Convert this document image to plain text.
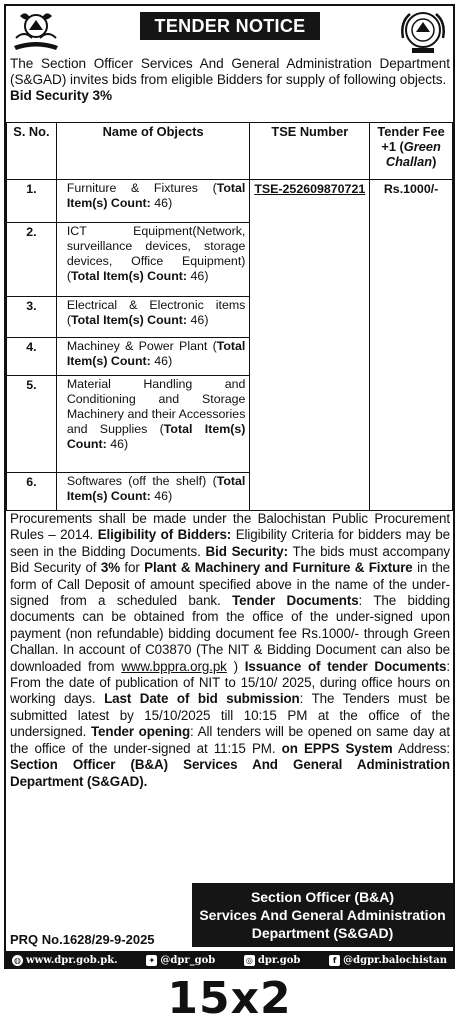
TENDER NOTICE

The Section Officer Services And General Administration Department (S&GAD) invites bids from eligible Bidders for supply of following objects.  Bid Security 3%

S. No.	Name of Objects	TSE Number	Tender Fee +1 (Green Challan)
1.	Furniture & Fixtures (Total Item(s) Count: 46)	TSE-252609870721	Rs.1000/-
2.	ICT Equipment(Network, surveillance devices, storage devices, Office Equipment) (Total Item(s) Count: 46)		
3.	Electrical & Electronic items (Total Item(s) Count: 46)		
4.	Machiney & Power Plant (Total Item(s) Count: 46)		
5.	Material Handling and Conditioning and Storage Machinery and their Accessories and Supplies (Total Item(s) Count: 46)		
6.	Softwares (off the shelf) (Total Item(s) Count: 46)		

Procurements shall be made under the Balochistan Public Procurement Rules – 2014. Eligibility of Bidders: Eligibility Criteria for bidders may be seen in the Bidding Documents. Bid Security: The bids must accompany Bid Security of 3% for Plant & Machinery and Furniture & Fixture in the form of Call Deposit of amount specified above in the name of the under-signed from a scheduled bank. Tender Documents: The bidding documents can be obtained from the office of the under-signed upon payment (non refundable) bidding document fee Rs.1000/- through Green Challan. In account of C03870 (The NIT & Bidding Document can also be downloaded from www.bppra.org.pk ) Issuance of tender Documents: From the date of publication of NIT to 15/10/ 2025, during office hours on working days. Last Date of bid submission: The Tenders must be submitted latest by 15/10/2025 till 10:15 PM at the office of the undersigned. Tender opening: All tenders will be opened on same day at the office of the under-signed at 11:15 PM. on EPPS System Address: Section Officer (B&A) Services And General Administration Department (S&GAD).

Section Officer (B&A)
Services And General Administration
Department (S&GAD)
PRQ No.1628/29-9-2025
◍ www.dpr.gob.pk.	✦ @dpr_gob	◎ dpr.gob	f @dgpr.balochistan
15x2
